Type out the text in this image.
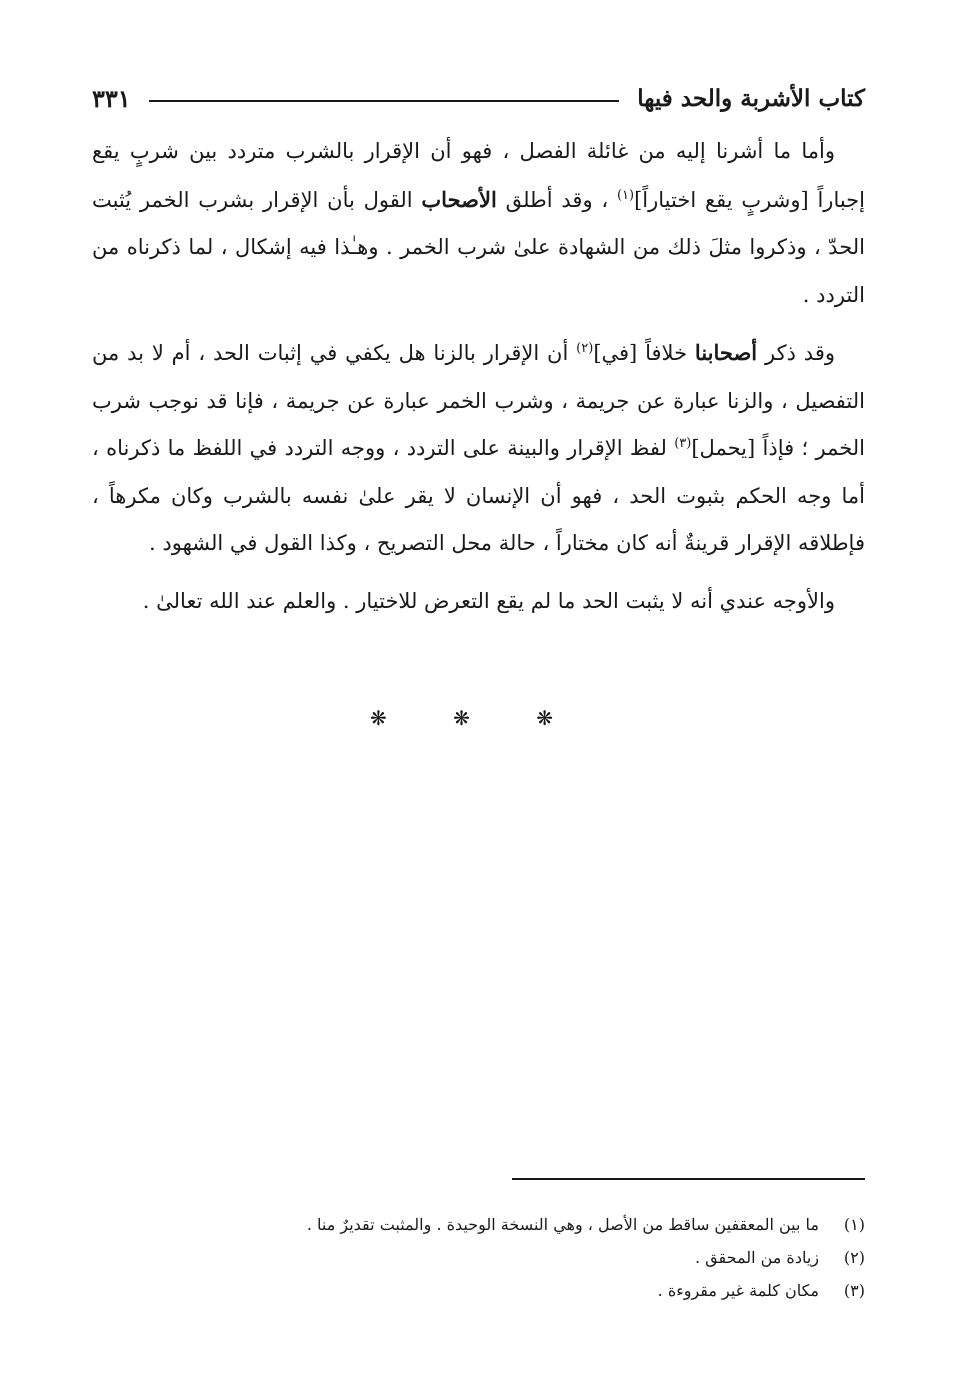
كتاب الأشربة والحد فيها
٣٣١

وأما ما أشرنا إليه من غائلة الفصل ، فهو أن الإقرار بالشرب متردد بين شربٍ يقع إجباراً [وشربٍ يقع اختياراً]$^{(١)}$ ، وقد أطلق الأصحاب القول بأن الإقرار بشرب الخمر يُثبت الحدّ ، وذكروا مثلَ ذلك من الشهادة علىٰ شرب الخمر . وهـٰذا فيه إشكال ، لما ذكرناه من التردد .

وقد ذكر أصحابنا خلافاً [في]$^{(٢)}$ أن الإقرار بالزنا هل يكفي في إثبات الحد ، أم لا بد من التفصيل ، والزنا عبارة عن جريمة ، وشرب الخمر عبارة عن جريمة ، فإنا قد نوجب شرب الخمر ؛ فإذاً [يحمل]$^{(٣)}$ لفظ الإقرار والبينة على التردد ، ووجه التردد في اللفظ ما ذكرناه ، أما وجه الحكم بثبوت الحد ، فهو أن الإنسان لا يقر علىٰ نفسه بالشرب وكان مكرهاً ، فإطلاقه الإقرار قرينةٌ أنه كان مختاراً ، حالة محل التصريح ، وكذا القول في الشهود .

والأوجه عندي أنه لا يثبت الحد ما لم يقع التعرض للاختيار . والعلم عند الله تعالىٰ .

❋ ❋ ❋
(١)
ما بين المعقفين ساقط من الأصل ، وهي النسخة الوحيدة . والمثبت تقديرٌ منا .
(٢)
زيادة من المحقق .
(٣)
مكان كلمة غير مقروءة .
